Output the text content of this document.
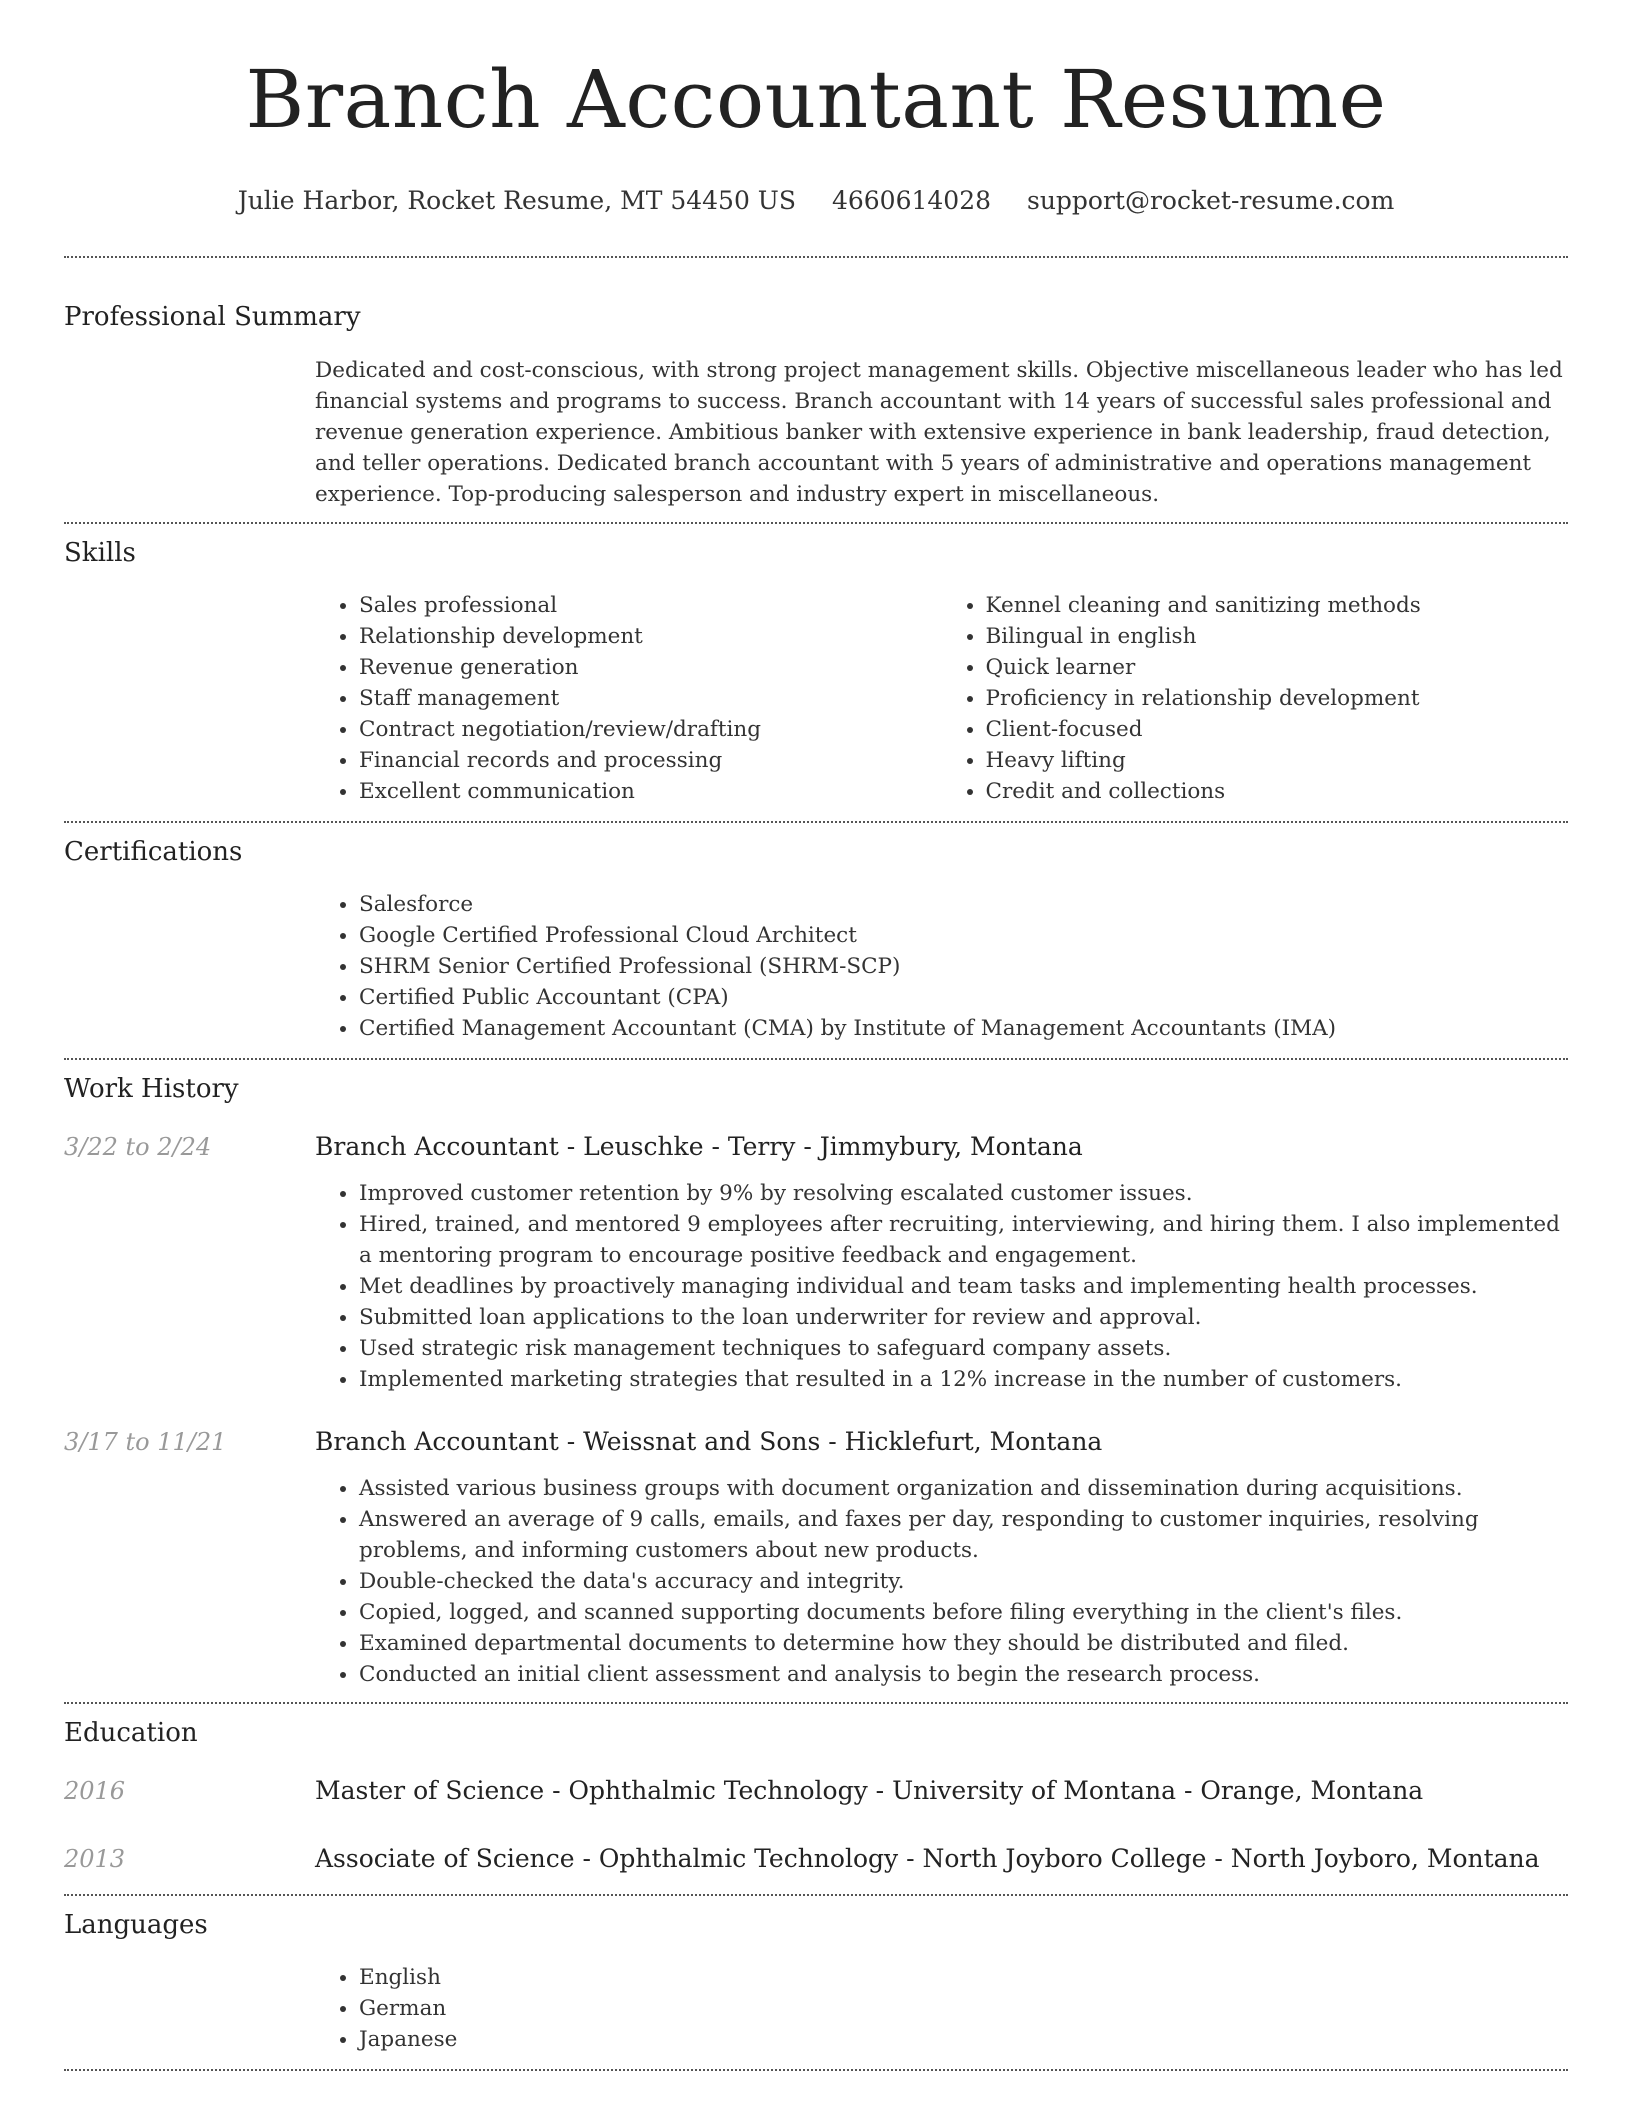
Branch Accountant Resume
Julie Harbor, Rocket Resume, MT 54450 US 4660614028 support@rocket-resume.com
Professional Summary

Dedicated and cost-conscious, with strong project management skills. Objective miscellaneous leader who has led financial systems and programs to success. Branch accountant with 14 years of successful sales professional and revenue generation experience. Ambitious banker with extensive experience in bank leadership, fraud detection, and teller operations. Dedicated branch accountant with 5 years of administrative and operations management experience. Top-producing salesperson and industry expert in miscellaneous.

Skills
• Sales professional
• Relationship development
• Revenue generation
• Staff management
• Contract negotiation/review/drafting
• Financial records and processing
• Excellent communication
• Kennel cleaning and sanitizing methods
• Bilingual in english
• Quick learner
• Proficiency in relationship development
• Client-focused
• Heavy lifting
• Credit and collections
Certifications
• Salesforce
• Google Certified Professional Cloud Architect
• SHRM Senior Certified Professional (SHRM-SCP)
• Certified Public Accountant (CPA)
• Certified Management Accountant (CMA) by Institute of Management Accountants (IMA)
Work History
3/22 to 2/24	Branch Accountant - Leuschke - Terry - Jimmybury, Montana
• Improved customer retention by 9% by resolving escalated customer issues.
• Hired, trained, and mentored 9 employees after recruiting, interviewing, and hiring them. I also implemented a mentoring program to encourage positive feedback and engagement.
• Met deadlines by proactively managing individual and team tasks and implementing health processes.
• Submitted loan applications to the loan underwriter for review and approval.
• Used strategic risk management techniques to safeguard company assets.
• Implemented marketing strategies that resulted in a 12% increase in the number of customers.
3/17 to 11/21	Branch Accountant - Weissnat and Sons - Hicklefurt, Montana
• Assisted various business groups with document organization and dissemination during acquisitions.
• Answered an average of 9 calls, emails, and faxes per day, responding to customer inquiries, resolving problems, and informing customers about new products.
• Double-checked the data's accuracy and integrity.
• Copied, logged, and scanned supporting documents before filing everything in the client's files.
• Examined departmental documents to determine how they should be distributed and filed.
• Conducted an initial client assessment and analysis to begin the research process.
Education
2016	Master of Science - Ophthalmic Technology - University of Montana - Orange, Montana
2013	Associate of Science - Ophthalmic Technology - North Joyboro College - North Joyboro, Montana
Languages
• English
• German
• Japanese
